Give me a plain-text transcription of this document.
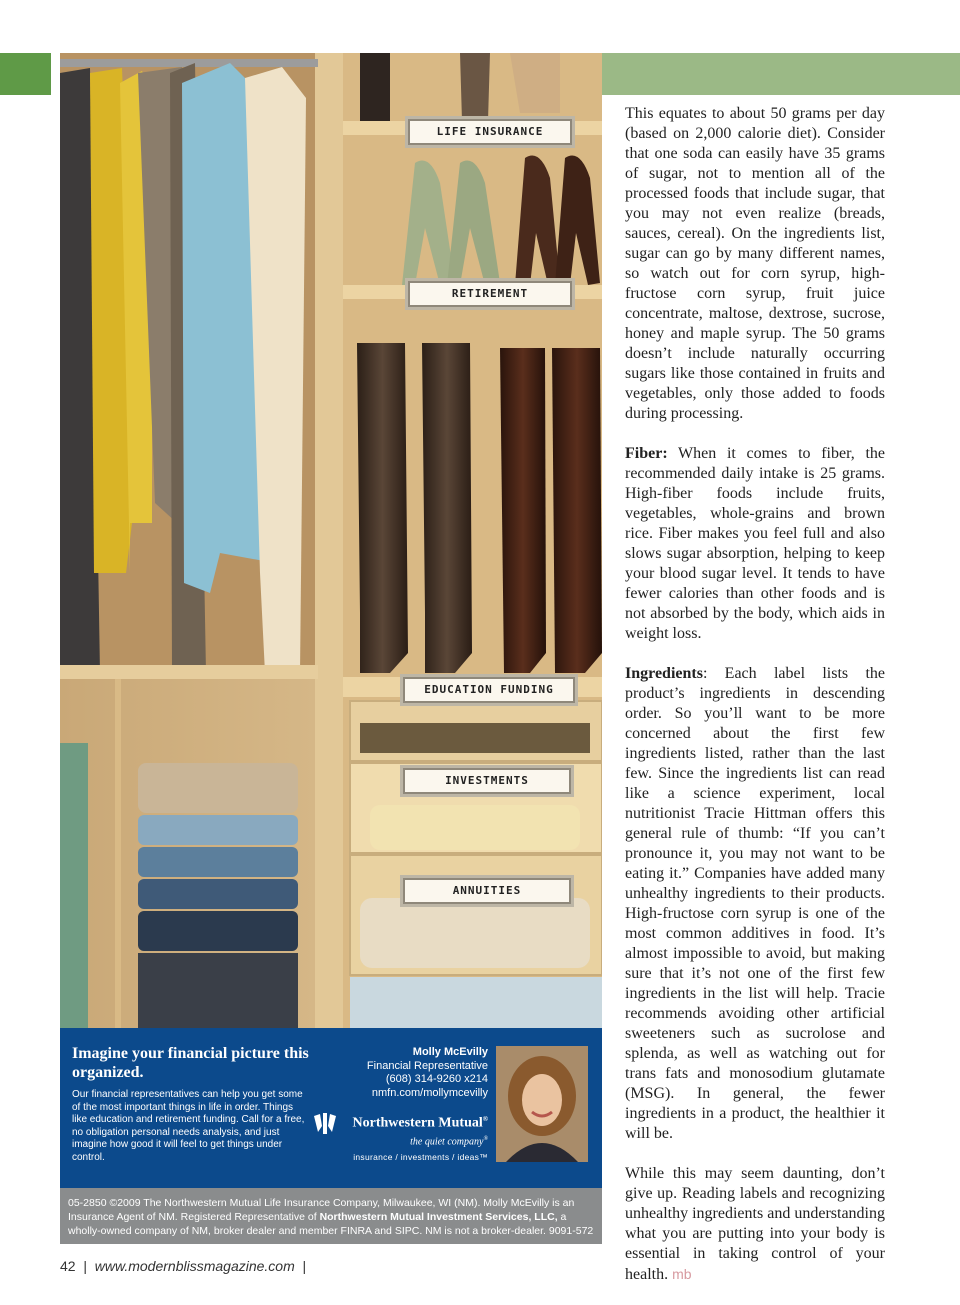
LIFE INSURANCE
RETIREMENT
EDUCATION FUNDING
INVESTMENTS
ANNUITIES
Imagine your financial picture this organized.
Our financial representatives can help you get some of the most important things in life in order. Things like education and retirement funding. Call for a free, no obligation personal needs analysis, and just imagine how good it will feel to get things under control.
Molly McEvilly
Financial Representative
(608) 314-9260 x214
nmfn.com/mollymcevilly
Northwestern Mutual®
the quiet company®
insurance / investments / ideas™

05-2850 ©2009 The Northwestern Mutual Life Insurance Company, Milwaukee, WI (NM). Molly McEvilly is an Insurance Agent of NM. Registered Representative of Northwestern Mutual Investment Services, LLC, a wholly-owned company of NM, broker dealer and member FINRA and SIPC. NM is not a broker-dealer. 9091-572

This equates to about 50 grams per day (based on 2,000 calorie diet). Consider that one soda can easily have 35 grams of sugar, not to mention all of the processed foods that include sugar, that you may not even realize (breads, sauces, cereal). On the ingredients list, sugar can go by many different names, so watch out for corn syrup, high-fructose corn syrup, fruit juice concentrate, maltose, dextrose, sucrose, honey and maple syrup. The 50 grams doesn’t include naturally occurring sugars like those contained in fruits and vegetables, only those added to foods during processing.

Fiber: When it comes to fiber, the recommended daily intake is 25 grams. High-fiber foods include fruits, vegetables, whole-grains and brown rice. Fiber makes you feel full and also slows sugar absorption, helping to keep your blood sugar level. It tends to have fewer calories than other foods and is not absorbed by the body, which aids in weight loss.

Ingredients: Each label lists the product’s ingredients in descending order. So you’ll want to be more concerned about the first few ingredients listed, rather than the last few. Since the ingredients list can read like a science experiment, local nutritionist Tracie Hittman offers this general rule of thumb: “If you can’t pronounce it, you may not want to be eating it.” Companies have added many unhealthy ingredients to their products. High-fructose corn syrup is one of the most common additives in food. It’s almost impossible to avoid, but making sure that it’s not one of the first few ingredients in the list will help. Tracie recommends avoiding other artificial sweeteners such as sucrolose and splenda, as well as watching out for trans fats and monosodium glutamate (MSG). In general, the fewer ingredients in a product, the healthier it will be.

While this may seem daunting, don’t give up. Reading labels and recognizing unhealthy ingredients and understanding what you are putting into your body is essential in taking control of your health. mb

42 | www.modernblissmagazine.com |
